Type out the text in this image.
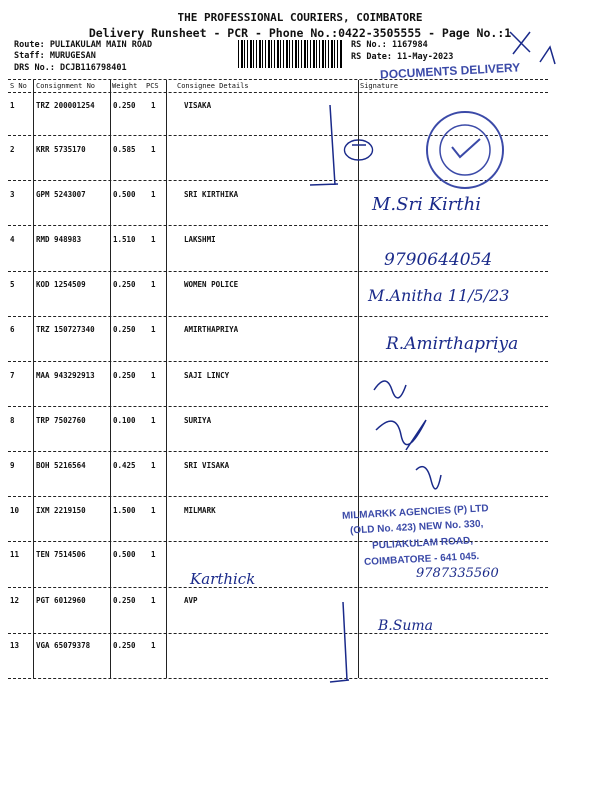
THE PROFESSIONAL COURIERS, COIMBATORE
Delivery Runsheet - PCR - Phone No.:0422-3505555 - Page No.:1
Route: PULIAKULAM MAIN ROAD
Staff: MURUGESAN
DRS No.: DCJB116798401
RS No.: 1167984
RS Date: 11-May-2023
DOCUMENTS DELIVERY
S No Consignment No Weight PCS	Consignee Details	Signature
1	TRZ 200001254 0.250 1	VISAKA
2	KRR 5735170	0.585 1
3	GPM 5243007	0.500 1	SRI KIRTHIKA	M.Sri Kirthi
4	RMD 948983	1.510 1	LAKSHMI
9790644054
5	KOD 1254509	0.250 1	WOMEN POLICE
M.Anitha 11/5/23
6	TRZ 150727340 0.250 1	AMIRTHAPRIYA
R.Amirthapriya
7	MAA 943292913 0.250 1	SAJI LINCY
8	TRP 7502760	0.100 1	SURIYA
9	BOH 5216564	0.425 1	SRI VISAKA
10 IXM 2219150	1.500 1	MILMARK
11 TEN 7514506	0.500 1
Karthick
12 PGT 6012960	0.250 1	AVP
B.Suma
13 VGA 65079378	0.250 1
MILMARKK AGENCIES (P) LTD
(OLD No. 423) NEW No. 330,
PULIAKULAM ROAD,
COIMBATORE - 641 045.
9787335560
